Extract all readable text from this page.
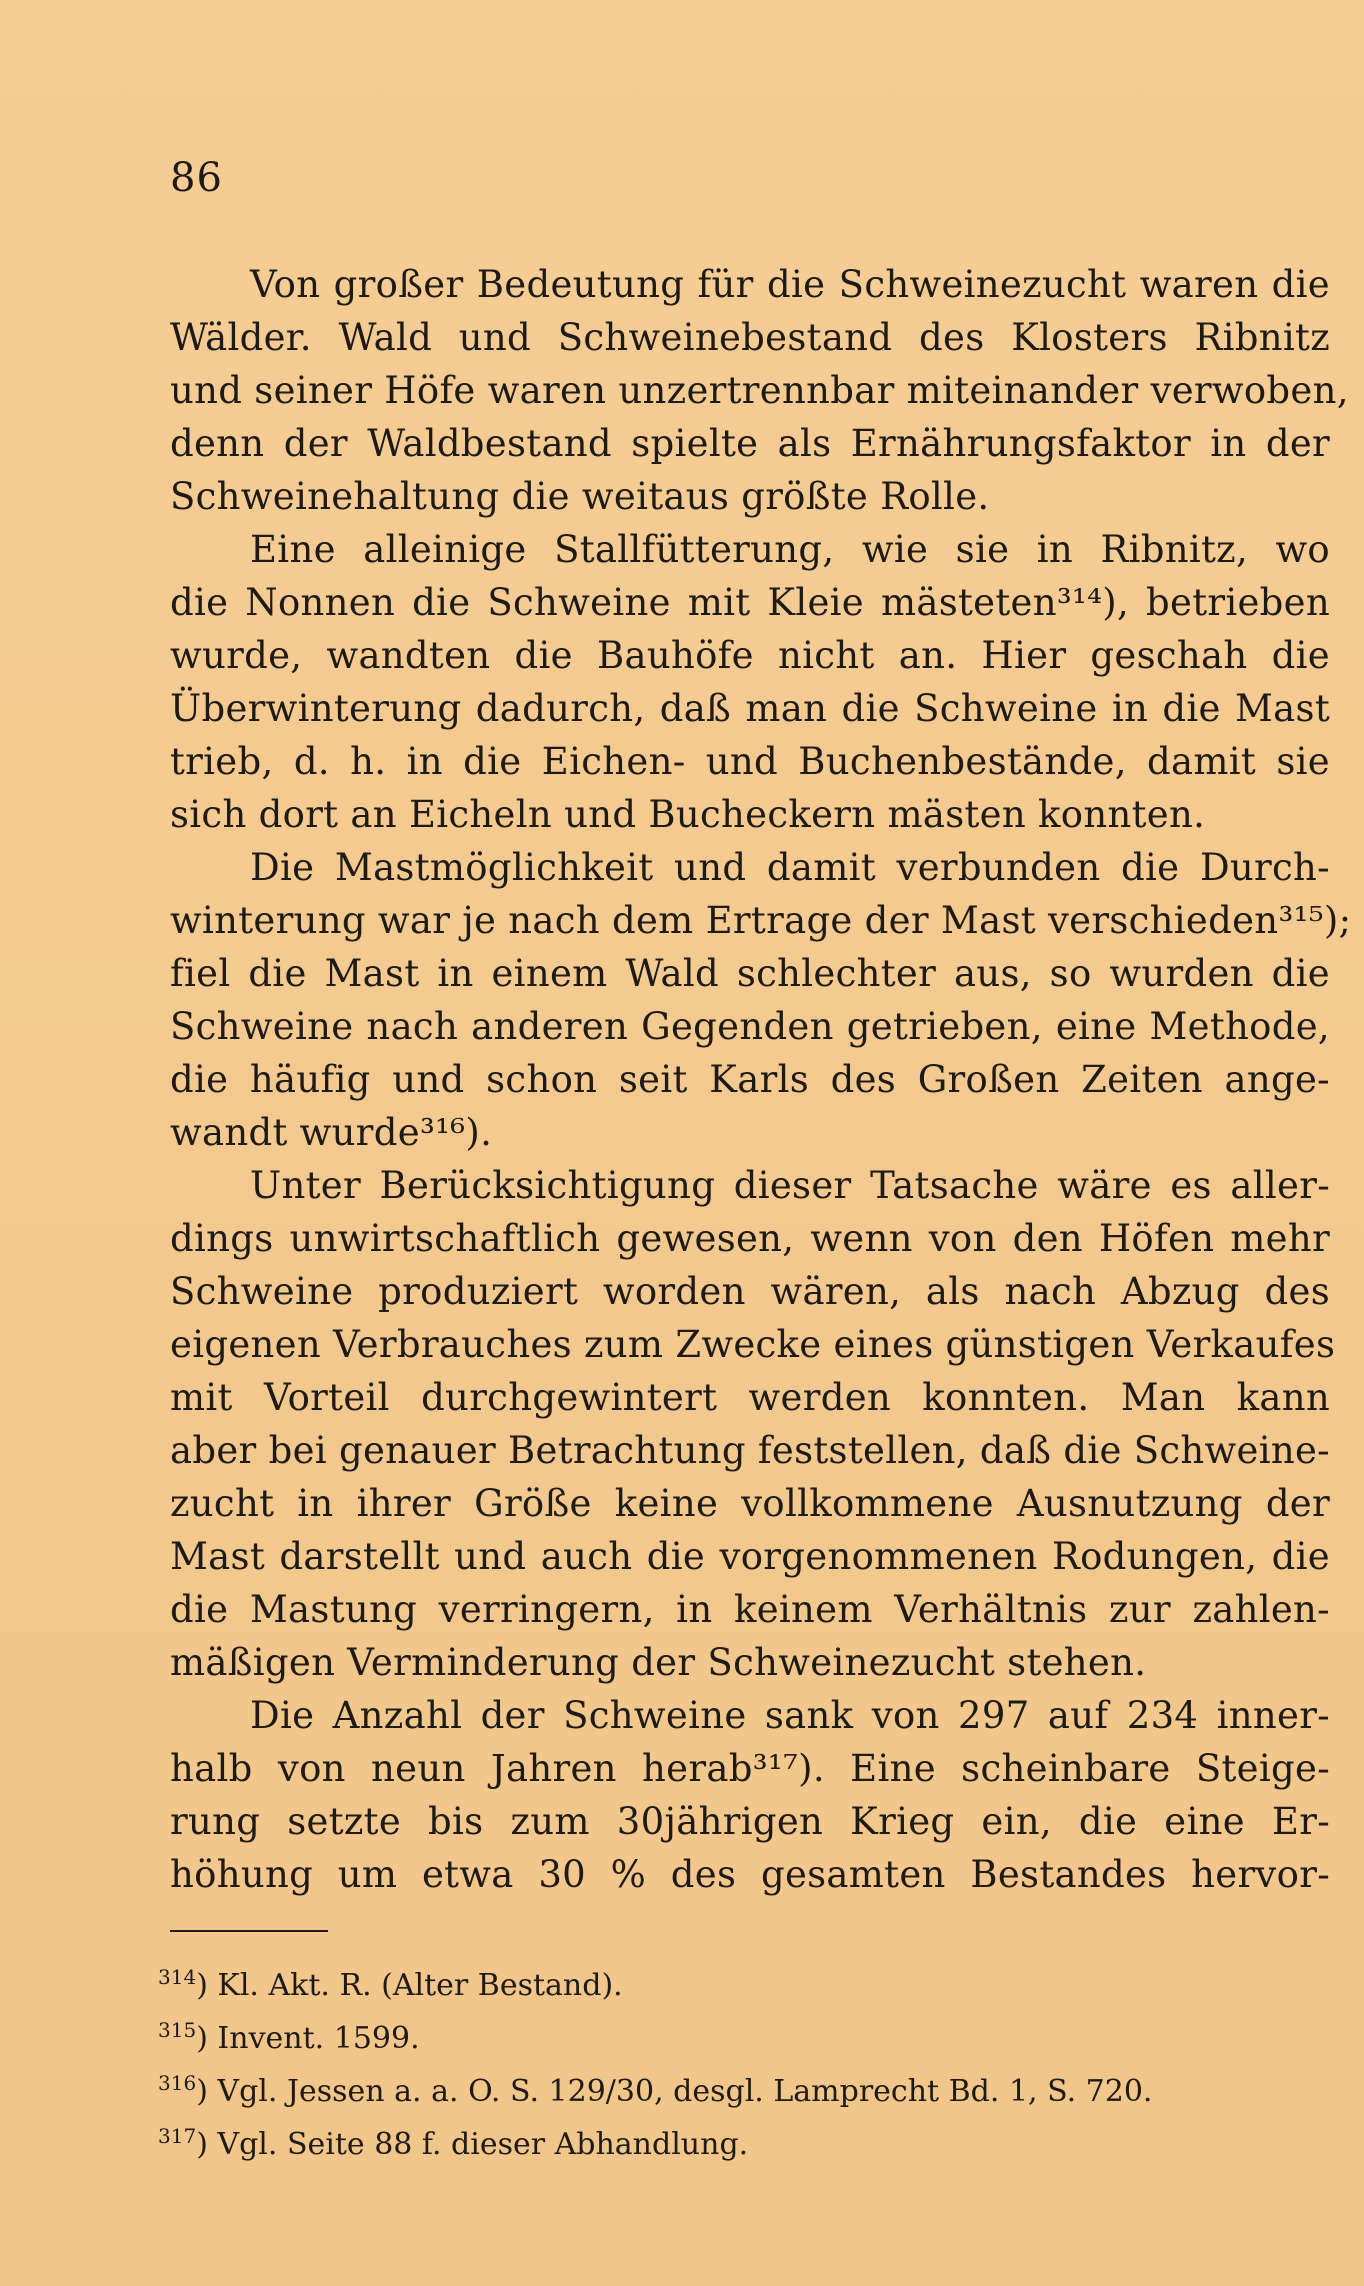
86
Von großer Bedeutung für die Schweinezucht waren die
Wälder. Wald und Schweinebestand des Klosters Ribnitz
und seiner Höfe waren unzertrennbar miteinander verwoben,
denn der Waldbestand spielte als Ernährungsfaktor in der
Schweinehaltung die weitaus größte Rolle.
Eine alleinige Stallfütterung, wie sie in Ribnitz, wo
die Nonnen die Schweine mit Kleie mästeten³¹⁴), betrieben
wurde, wandten die Bauhöfe nicht an. Hier geschah die
Überwinterung dadurch, daß man die Schweine in die Mast
trieb, d. h. in die Eichen- und Buchenbestände, damit sie
sich dort an Eicheln und Bucheckern mästen konnten.
Die Mastmöglichkeit und damit verbunden die Durch-
winterung war je nach dem Ertrage der Mast verschieden³¹⁵);
fiel die Mast in einem Wald schlechter aus, so wurden die
Schweine nach anderen Gegenden getrieben, eine Methode,
die häufig und schon seit Karls des Großen Zeiten ange-
wandt wurde³¹⁶).
Unter Berücksichtigung dieser Tatsache wäre es aller-
dings unwirtschaftlich gewesen, wenn von den Höfen mehr
Schweine produziert worden wären, als nach Abzug des
eigenen Verbrauches zum Zwecke eines günstigen Verkaufes
mit Vorteil durchgewintert werden konnten. Man kann
aber bei genauer Betrachtung feststellen, daß die Schweine-
zucht in ihrer Größe keine vollkommene Ausnutzung der
Mast darstellt und auch die vorgenommenen Rodungen, die
die Mastung verringern, in keinem Verhältnis zur zahlen-
mäßigen Verminderung der Schweinezucht stehen.
Die Anzahl der Schweine sank von 297 auf 234 inner-
halb von neun Jahren herab³¹⁷). Eine scheinbare Steige-
rung setzte bis zum 30jährigen Krieg ein, die eine Er-
höhung um etwa 30 % des gesamten Bestandes hervor-
$^{314}$) Kl. Akt. R. (Alter Bestand).
$^{315}$) Invent. 1599.
$^{316}$) Vgl. Jessen a. a. O. S. 129/30, desgl. Lamprecht Bd. 1, S. 720.
$^{317}$) Vgl. Seite 88 f. dieser Abhandlung.
